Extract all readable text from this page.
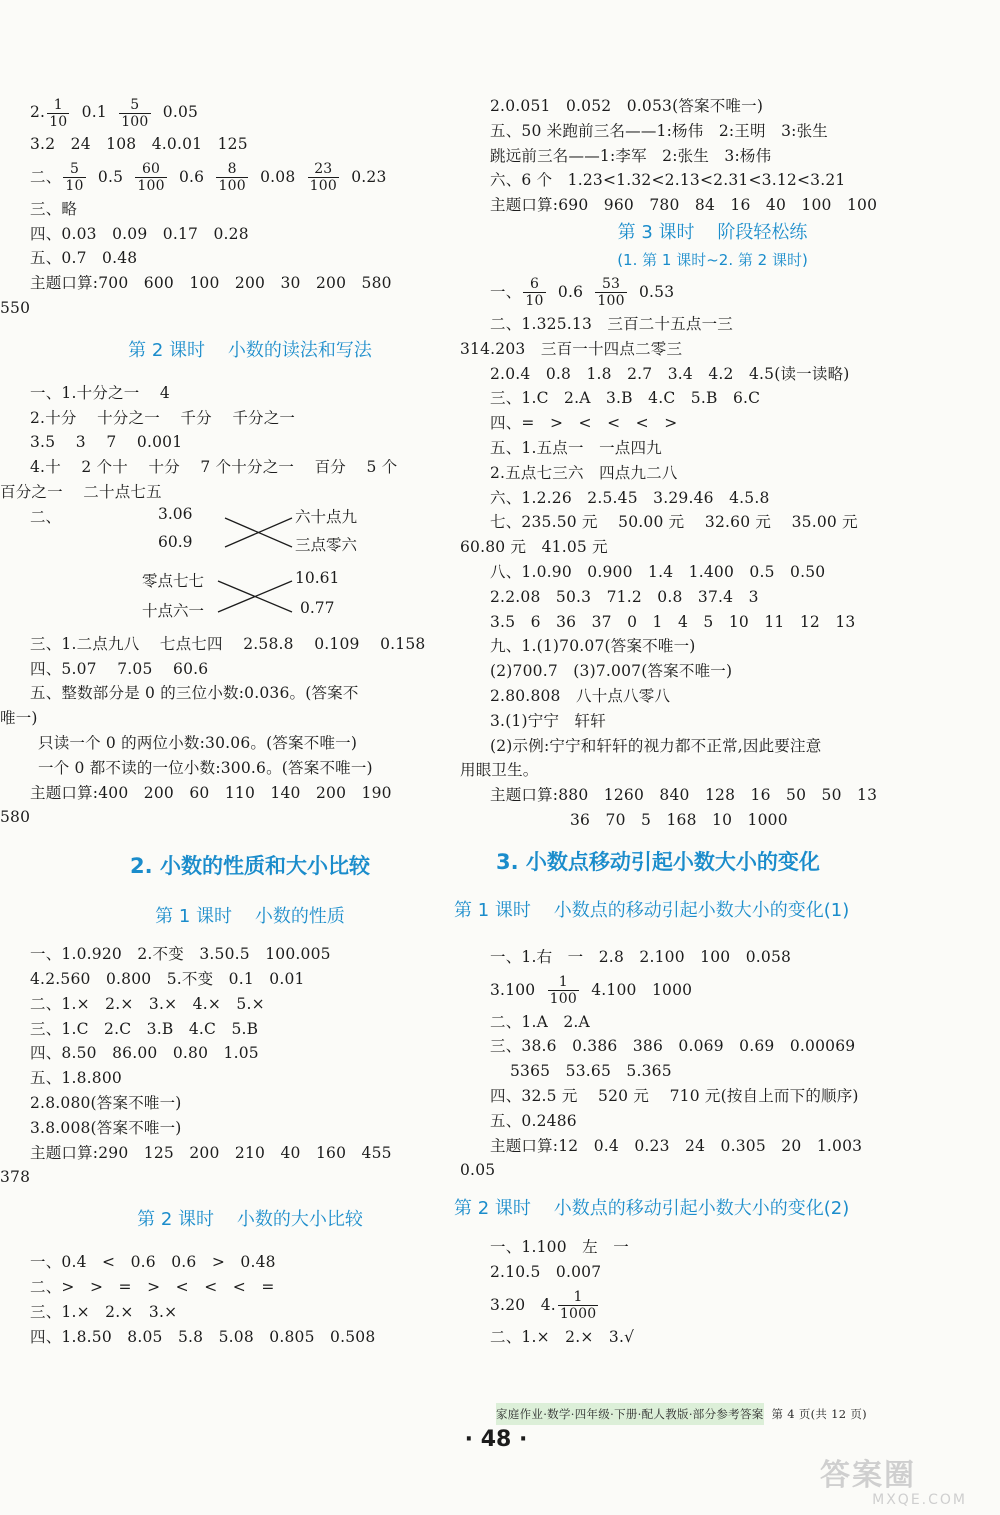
2. $\frac{1}{10} 0.1 \frac{5}{100} 0.05$
3.2   24   108   4.0.01   125
二、 $\frac{5}{10} 0.5 \frac{60}{100} 0.6 \frac{8}{100} 0.08 \frac{23}{100} 0.23$
三、略
四、0.03   0.09   0.17   0.28
五、0.7   0.48
主题口算:700   600   100   200   30   200   580
550
第 2 课时    小数的读法和写法
一、1.十分之一    4
2.十分    十分之一    千分    千分之一
3.5    3    7    0.001
4.十    2 个十    十分    7 个十分之一    百分    5 个
百分之一    二十点七五
二、	3.06
60.9
六十点九
三点零六
零点七七
十点六一
10.61
0.77
三、1.二点九八    七点七四    2.58.8    0.109    0.158
四、5.07    7.05    60.6
五、整数部分是 0 的三位小数:0.036。(答案不
唯一)
只读一个 0 的两位小数:30.06。(答案不唯一)
一个 0 都不读的一位小数:300.6。(答案不唯一)
主题口算:400   200   60   110   140   200   190
580
2. 小数的性质和大小比较
第 1 课时    小数的性质
一、1.0.920   2.不变   3.50.5   100.005
4.2.560   0.800   5.不变   0.1   0.01
二、1.×   2.×   3.×   4.×   5.×
三、1.C   2.C   3.B   4.C   5.B
四、8.50   86.00   0.80   1.05
五、1.8.800
2.8.080(答案不唯一)
3.8.008(答案不唯一)
主题口算:290   125   200   210   40   160   455
378
第 2 课时    小数的大小比较
一、0.4   <   0.6   0.6   >   0.48
二、>   >   =   >   <   <   <   =
三、1.×   2.×   3.×
四、1.8.50   8.05   5.8   5.08   0.805   0.508
2.0.051   0.052   0.053(答案不唯一)
五、50 米跑前三名——1:杨伟   2:王明   3:张生
跳远前三名——1:李军   2:张生   3:杨伟
六、6 个   1.23<1.32<2.13<2.31<3.12<3.21
主题口算:690   960   780   84   16   40   100   100
第 3 课时    阶段轻松练
(1. 第 1 课时~2. 第 2 课时)
一、 $\frac{6}{10} 0.6 \frac{53}{100} 0.53$
二、1.325.13   三百二十五点一三
314.203   三百一十四点二零三
2.0.4   0.8   1.8   2.7   3.4   4.2   4.5(读一读略)
三、1.C   2.A   3.B   4.C   5.B   6.C
四、=   >   <   <   <   >
五、1.五点一   一点四九
2.五点七三六   四点九二八
六、1.2.26   2.5.45   3.29.46   4.5.8
七、235.50 元    50.00 元    32.60 元    35.00 元
60.80 元   41.05 元
八、1.0.90   0.900   1.4   1.400   0.5   0.50
2.2.08   50.3   71.2   0.8   37.4   3
3.5   6   36   37   0   1   4   5   10   11   12   13
九、1.(1)70.07(答案不唯一)
(2)700.7   (3)7.007(答案不唯一)
2.80.808   八十点八零八
3.(1)宁宁   轩轩
(2)示例:宁宁和轩轩的视力都不正常,因此要注意
用眼卫生。
主题口算:880   1260   840   128   16   50   50   13
36   70   5   168   10   1000
3. 小数点移动引起小数大小的变化
第 1 课时    小数点的移动引起小数大小的变化(1)
一、1.右   一   2.8   2.100   100   0.058
$3.100 \frac{1}{100} 4.100$   1000
二、1.A   2.A
三、38.6   0.386   386   0.069   0.69   0.00069
5365   53.65   5.365
四、32.5 元    520 元    710 元(按自上而下的顺序)
五、0.2486
主题口算:12   0.4   0.23   24   0.305   20   1.003
0.05
第 2 课时    小数点的移动引起小数大小的变化(2)
一、1.100   左   一
2.10.5   0.007
3.20   4. $\frac{1}{1000}$
二、1.×   2.×   3.√
家庭作业·数学·四年级·下册·配人教版·部分参考答案  第 4 页(共 12 页)
· 48 ·
答案圈
MXQE.COM
